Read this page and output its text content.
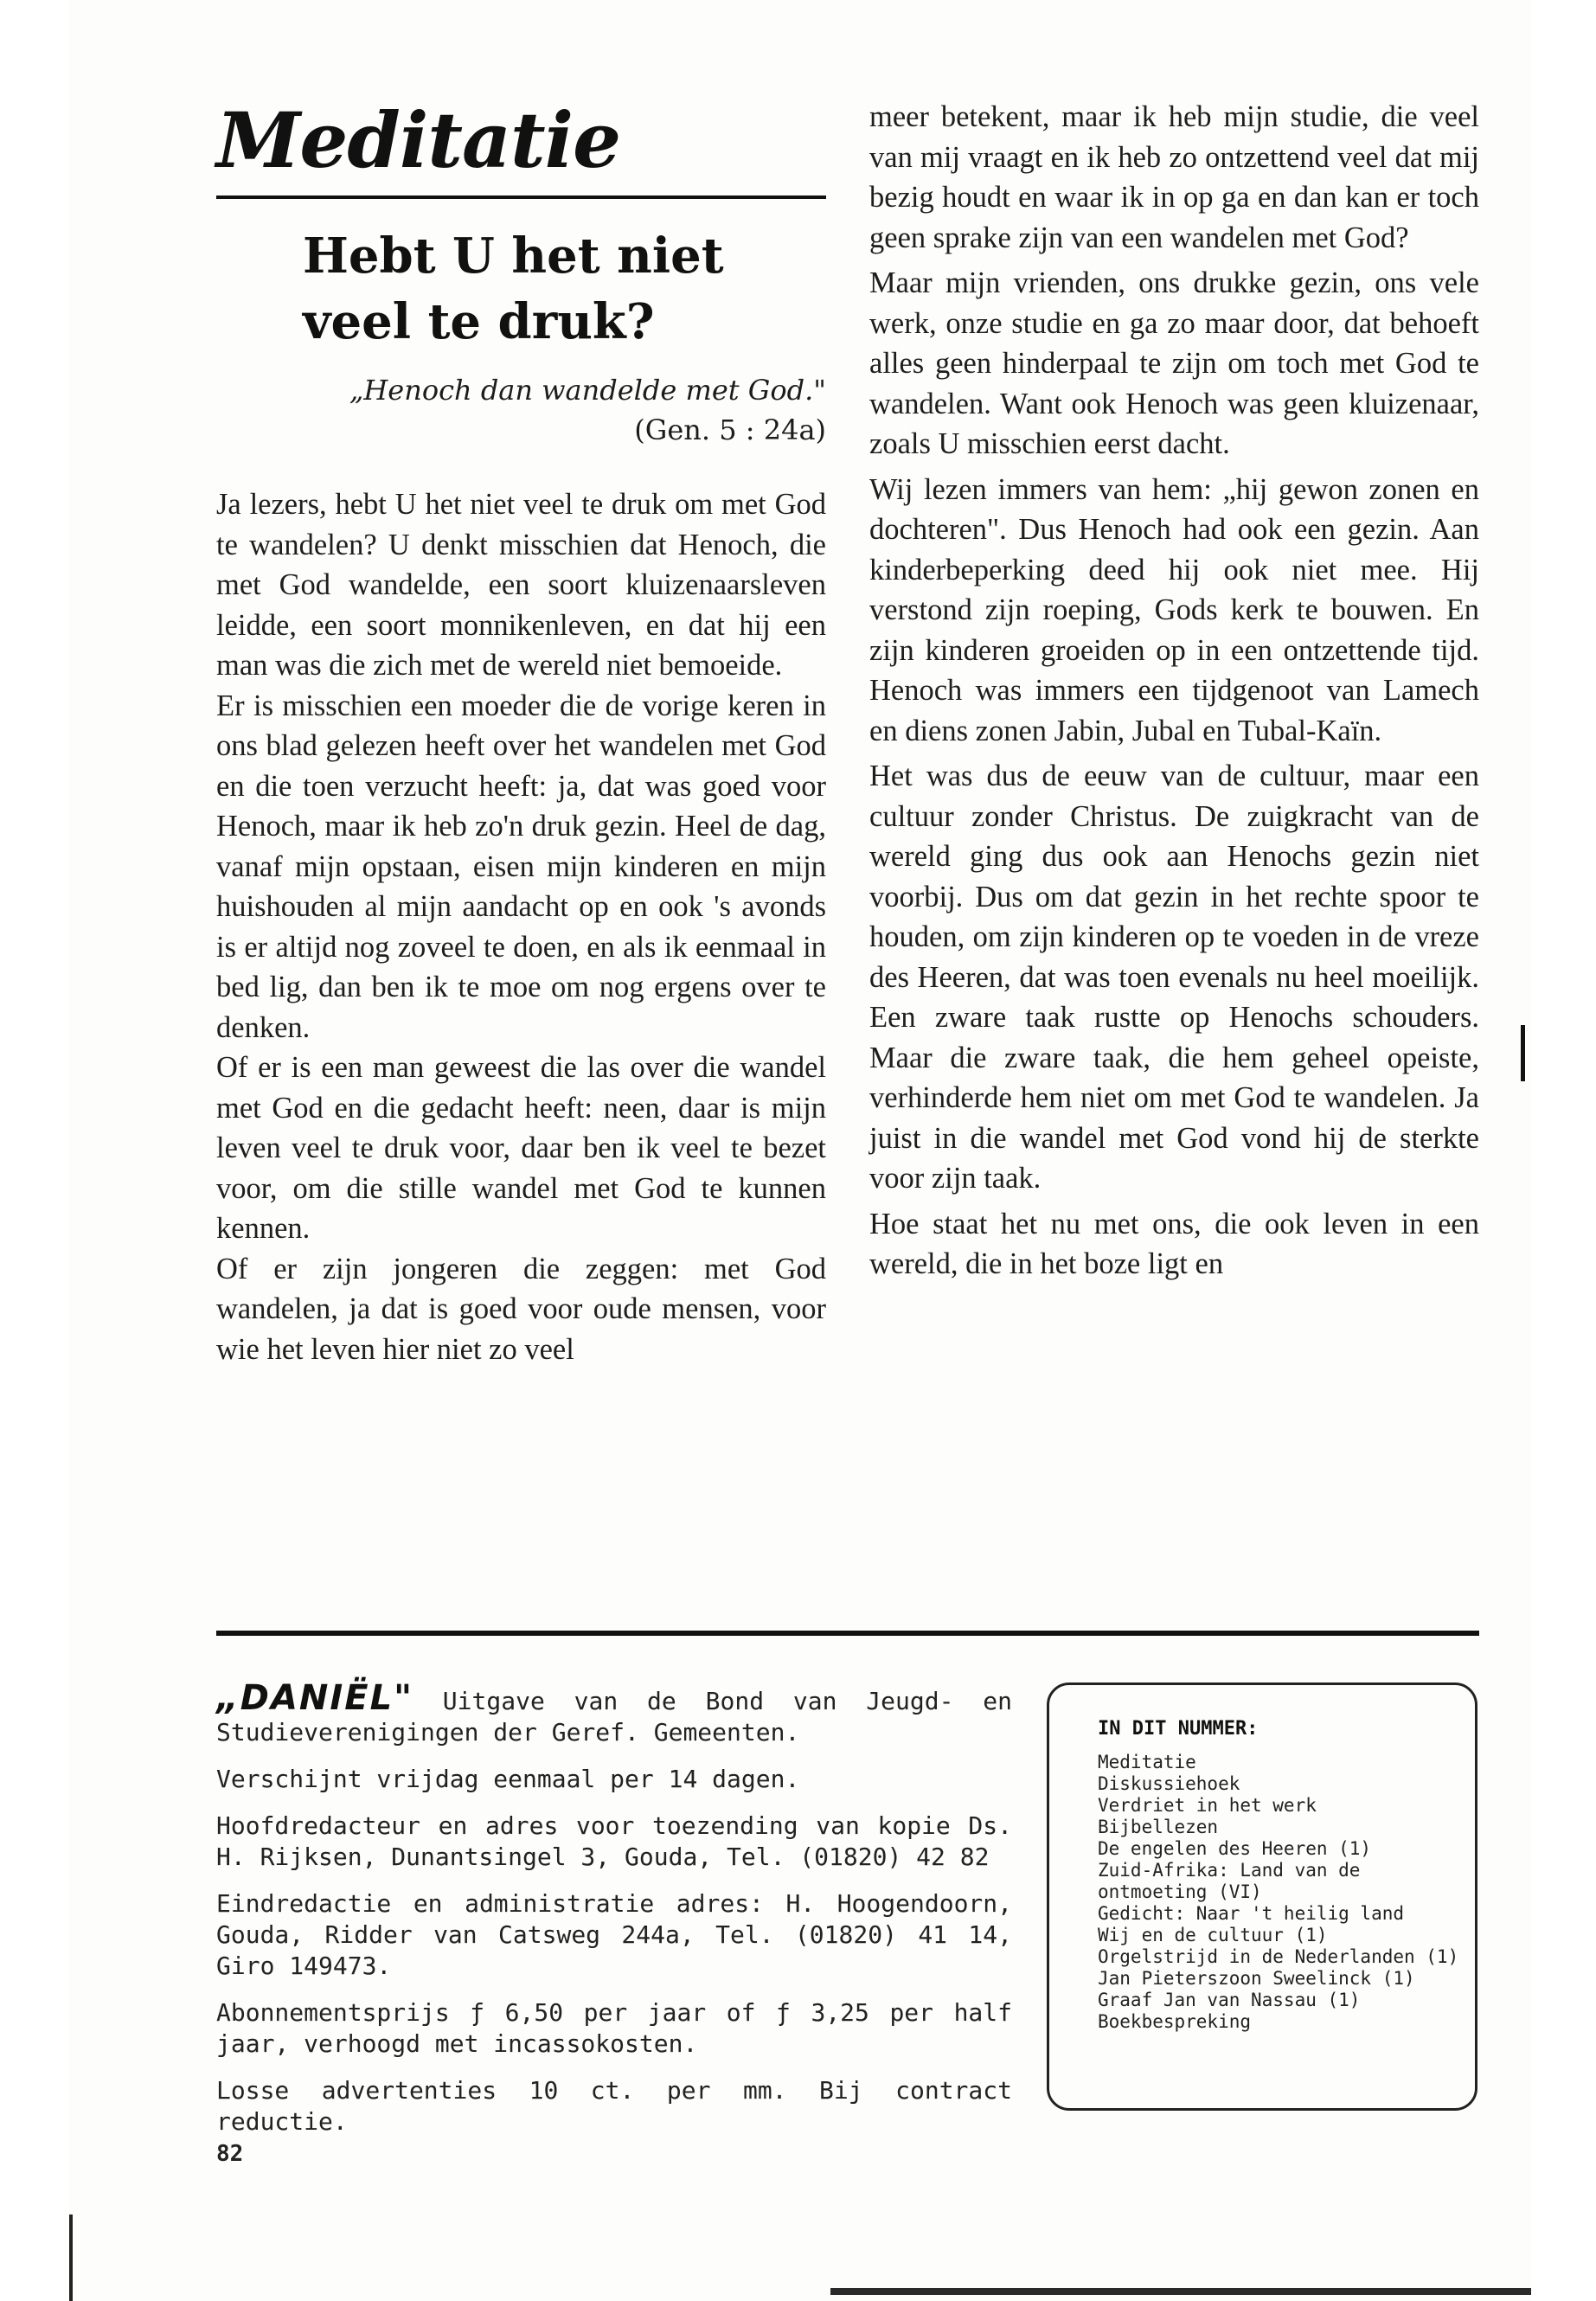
Meditatie
Hebt U het niet veel te druk?

„Henoch dan wandelde met God."

(Gen. 5 : 24a)

Ja lezers, hebt U het niet veel te druk om met God te wandelen? U denkt misschien dat Henoch, die met God wandelde, een soort kluizenaarsleven leidde, een soort monnikenleven, en dat hij een man was die zich met de wereld niet bemoeide.

Er is misschien een moeder die de vorige keren in ons blad gelezen heeft over het wandelen met God en die toen verzucht heeft: ja, dat was goed voor Henoch, maar ik heb zo'n druk gezin. Heel de dag, vanaf mijn opstaan, eisen mijn kinderen en mijn huishouden al mijn aandacht op en ook 's avonds is er altijd nog zoveel te doen, en als ik eenmaal in bed lig, dan ben ik te moe om nog ergens over te denken.

Of er is een man geweest die las over die wandel met God en die gedacht heeft: neen, daar is mijn leven veel te druk voor, daar ben ik veel te bezet voor, om die stille wandel met God te kunnen kennen.

Of er zijn jongeren die zeggen: met God wandelen, ja dat is goed voor oude mensen, voor wie het leven hier niet zo veel

meer betekent, maar ik heb mijn studie, die veel van mij vraagt en ik heb zo ontzettend veel dat mij bezig houdt en waar ik in op ga en dan kan er toch geen sprake zijn van een wandelen met God?

Maar mijn vrienden, ons drukke gezin, ons vele werk, onze studie en ga zo maar door, dat behoeft alles geen hinderpaal te zijn om toch met God te wandelen. Want ook Henoch was geen kluizenaar, zoals U misschien eerst dacht.

Wij lezen immers van hem: „hij gewon zonen en dochteren". Dus Henoch had ook een gezin. Aan kinderbeperking deed hij ook niet mee. Hij verstond zijn roeping, Gods kerk te bouwen. En zijn kinderen groeiden op in een ontzettende tijd. Henoch was immers een tijdgenoot van Lamech en diens zonen Jabin, Jubal en Tubal-Kaïn.

Het was dus de eeuw van de cultuur, maar een cultuur zonder Christus. De zuigkracht van de wereld ging dus ook aan Henochs gezin niet voorbij. Dus om dat gezin in het rechte spoor te houden, om zijn kinderen op te voeden in de vreze des Heeren, dat was toen evenals nu heel moeilijk. Een zware taak rustte op Henochs schouders. Maar die zware taak, die hem geheel opeiste, verhinderde hem niet om met God te wandelen. Ja juist in die wandel met God vond hij de sterkte voor zijn taak.

Hoe staat het nu met ons, die ook leven in een wereld, die in het boze ligt en

„DANIËL" Uitgave van de Bond van Jeugd- en Studieverenigingen der Geref. Gemeenten.

Verschijnt vrijdag eenmaal per 14 dagen.

Hoofdredacteur en adres voor toezending van kopie Ds. H. Rijksen, Dunantsingel 3, Gouda, Tel. (01820) 42 82

Eindredactie en administratie adres: H. Hoogendoorn, Gouda, Ridder van Catsweg 244a, Tel. (01820) 41 14, Giro 149473.

Abonnementsprijs ƒ 6,50 per jaar of ƒ 3,25 per half jaar, verhoogd met incassokosten.

Losse advertenties 10 ct. per mm. Bij contract reductie.

IN DIT NUMMER:

Meditatie
Diskussiehoek
Verdriet in het werk
Bijbellezen
De engelen des Heeren (1)
Zuid-Afrika: Land van de
ontmoeting (VI)
Gedicht: Naar 't heilig land
Wij en de cultuur (1)
Orgelstrijd in de Nederlanden (1)
Jan Pieterszoon Sweelinck (1)
Graaf Jan van Nassau (1)
Boekbespreking
82
